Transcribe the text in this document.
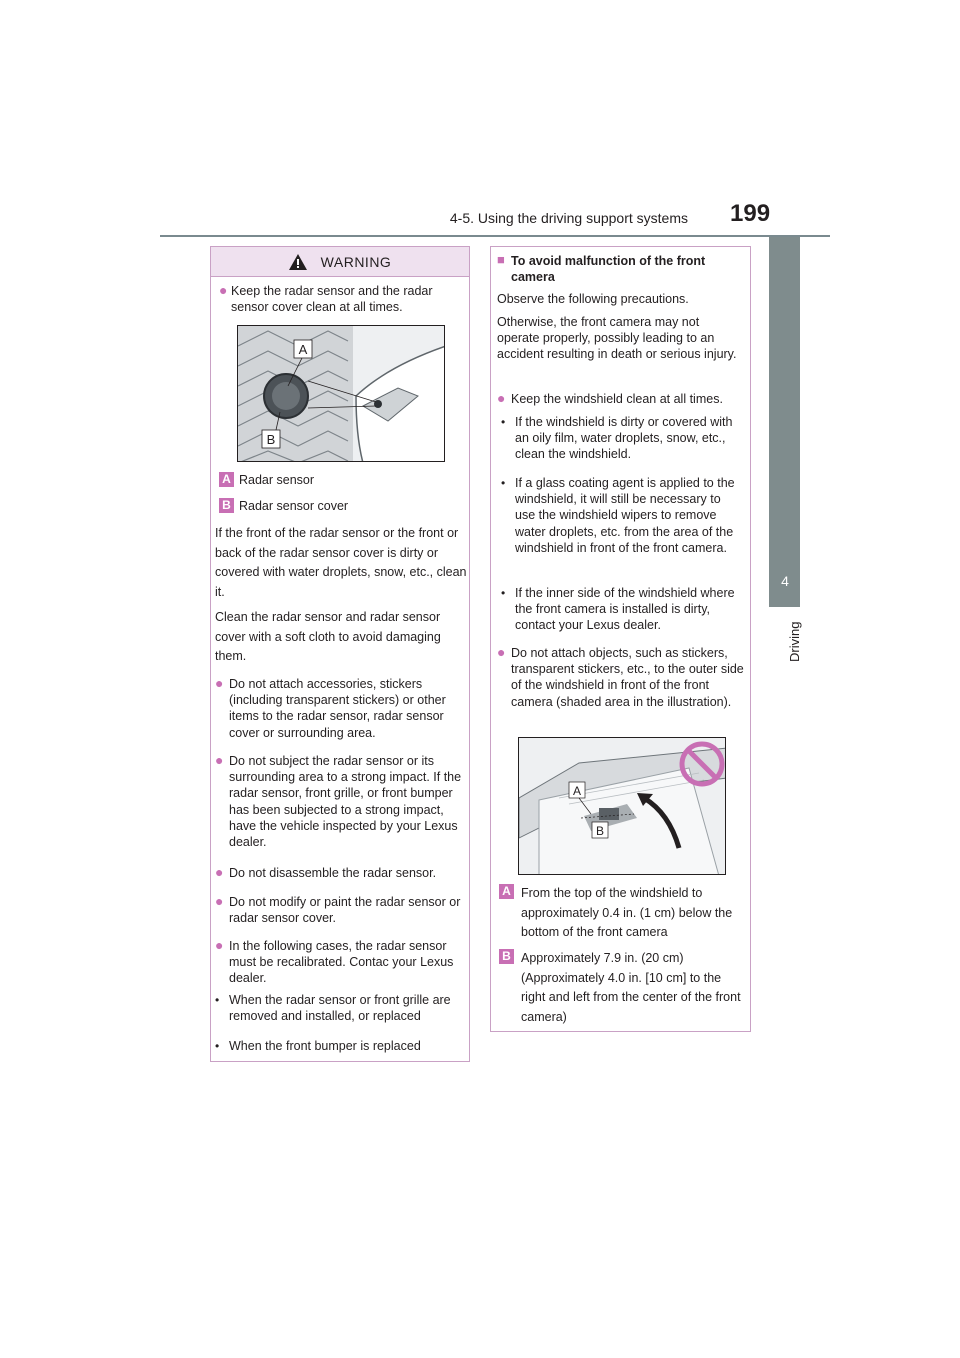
4-5. Using the driving support systems 199
4
Driving
WARNING
● Keep the radar sensor and the radar sensor cover clean at all times.
A
B
A Radar sensor
B Radar sensor cover
If the front of the radar sensor or the front or back of the radar sensor cover is dirty or covered with water droplets, snow, etc., clean it.
Clean the radar sensor and radar sensor cover with a soft cloth to avoid damaging them.
● Do not attach accessories, stickers (including transparent stickers) or other items to the radar sensor, radar sensor cover or surrounding area.
● Do not subject the radar sensor or its surrounding area to a strong impact. If the radar sensor, front grille, or front bumper has been subjected to a strong impact, have the vehicle inspected by your Lexus dealer.
● Do not disassemble the radar sensor.
● Do not modify or paint the radar sensor or radar sensor cover.
● In the following cases, the radar sensor must be recalibrated. Contac your Lexus dealer.
• When the radar sensor or front grille are removed and installed, or replaced
• When the front bumper is replaced
■ To avoid malfunction of the front camera
Observe the following precautions.
Otherwise, the front camera may not operate properly, possibly leading to an accident resulting in death or serious injury.
● Keep the windshield clean at all times.
• If the windshield is dirty or covered with an oily film, water droplets, snow, etc., clean the windshield.
• If a glass coating agent is applied to the windshield, it will still be necessary to use the windshield wipers to remove water droplets, etc. from the area of the windshield in front of the front camera.
• If the inner side of the windshield where the front camera is installed is dirty, contact your Lexus dealer.
● Do not attach objects, such as stickers, transparent stickers, etc., to the outer side of the windshield in front of the front camera (shaded area in the illustration).
A
B
A From the top of the windshield to approximately 0.4 in. (1 cm) below the bottom of the front camera
B Approximately 7.9 in. (20 cm) (Approximately 4.0 in. [10 cm] to the right and left from the center of the front camera)
